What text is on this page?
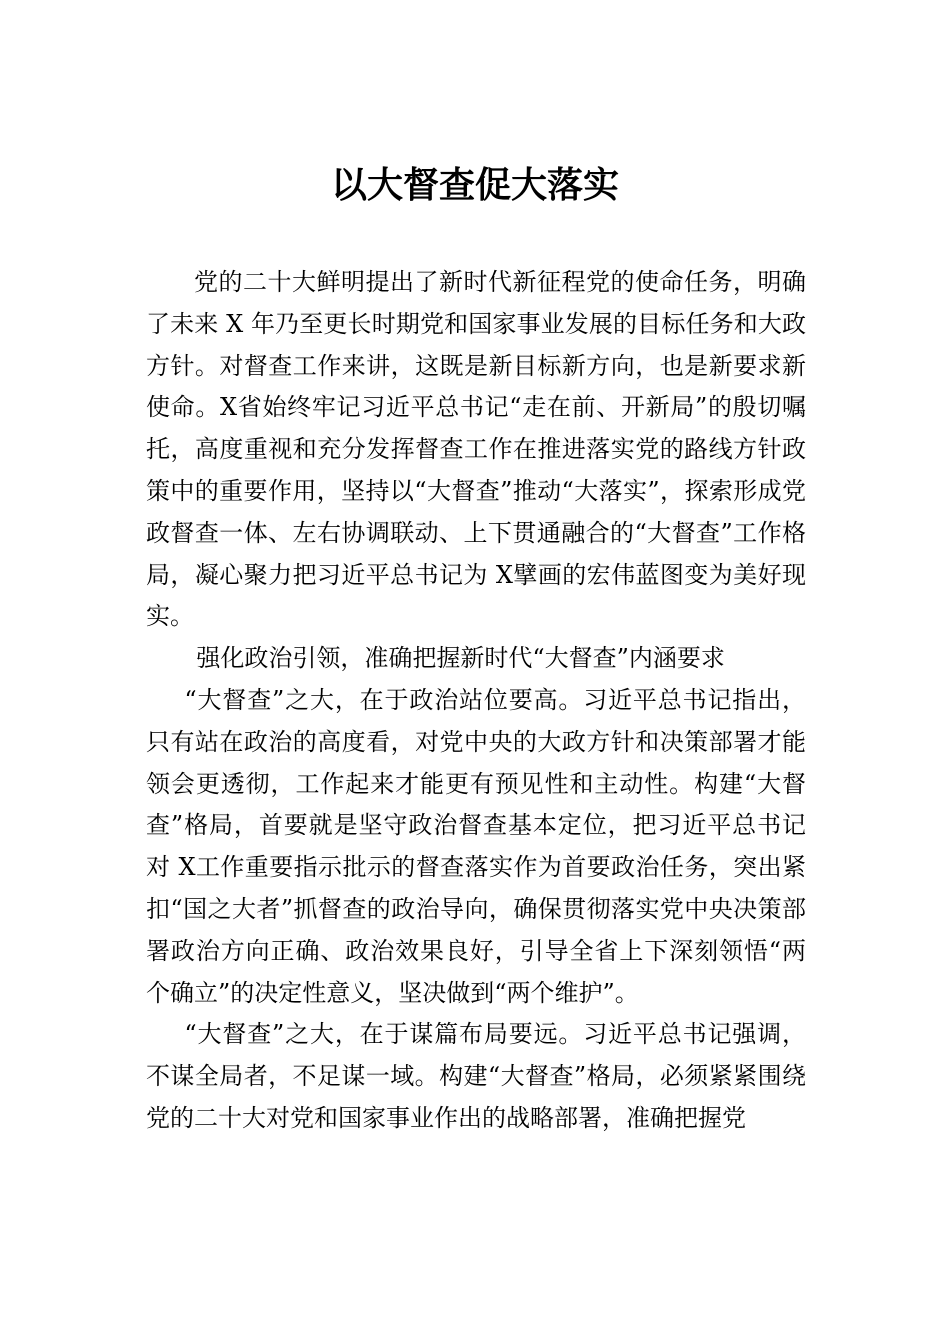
以大督查促大落实

党的二十大鲜明提出了新时代新征程党的使命任务，明确了未来 X 年乃至更长时期党和国家事业发展的目标任务和大政方针。对督查工作来讲，这既是新目标新方向，也是新要求新使命。X省始终牢记习近平总书记“走在前、开新局”的殷切嘱托，高度重视和充分发挥督查工作在推进落实党的路线方针政策中的重要作用，坚持以“大督查”推动“大落实”，探索形成党政督查一体、左右协调联动、上下贯通融合的“大督查”工作格局，凝心聚力把习近平总书记为 X擘画的宏伟蓝图变为美好现实。

强化政治引领，准确把握新时代“大督查”内涵要求

“大督查”之大，在于政治站位要高。习近平总书记指出，只有站在政治的高度看，对党中央的大政方针和决策部署才能领会更透彻，工作起来才能更有预见性和主动性。构建“大督查”格局，首要就是坚守政治督查基本定位，把习近平总书记对 X工作重要指示批示的督查落实作为首要政治任务，突出紧扣“国之大者”抓督查的政治导向，确保贯彻落实党中央决策部署政治方向正确、政治效果良好，引导全省上下深刻领悟“两个确立”的决定性意义，坚决做到“两个维护”。

“大督查”之大，在于谋篇布局要远。习近平总书记强调，不谋全局者，不足谋一域。构建“大督查”格局，必须紧紧围绕党的二十大对党和国家事业作出的战略部署，准确把握党
